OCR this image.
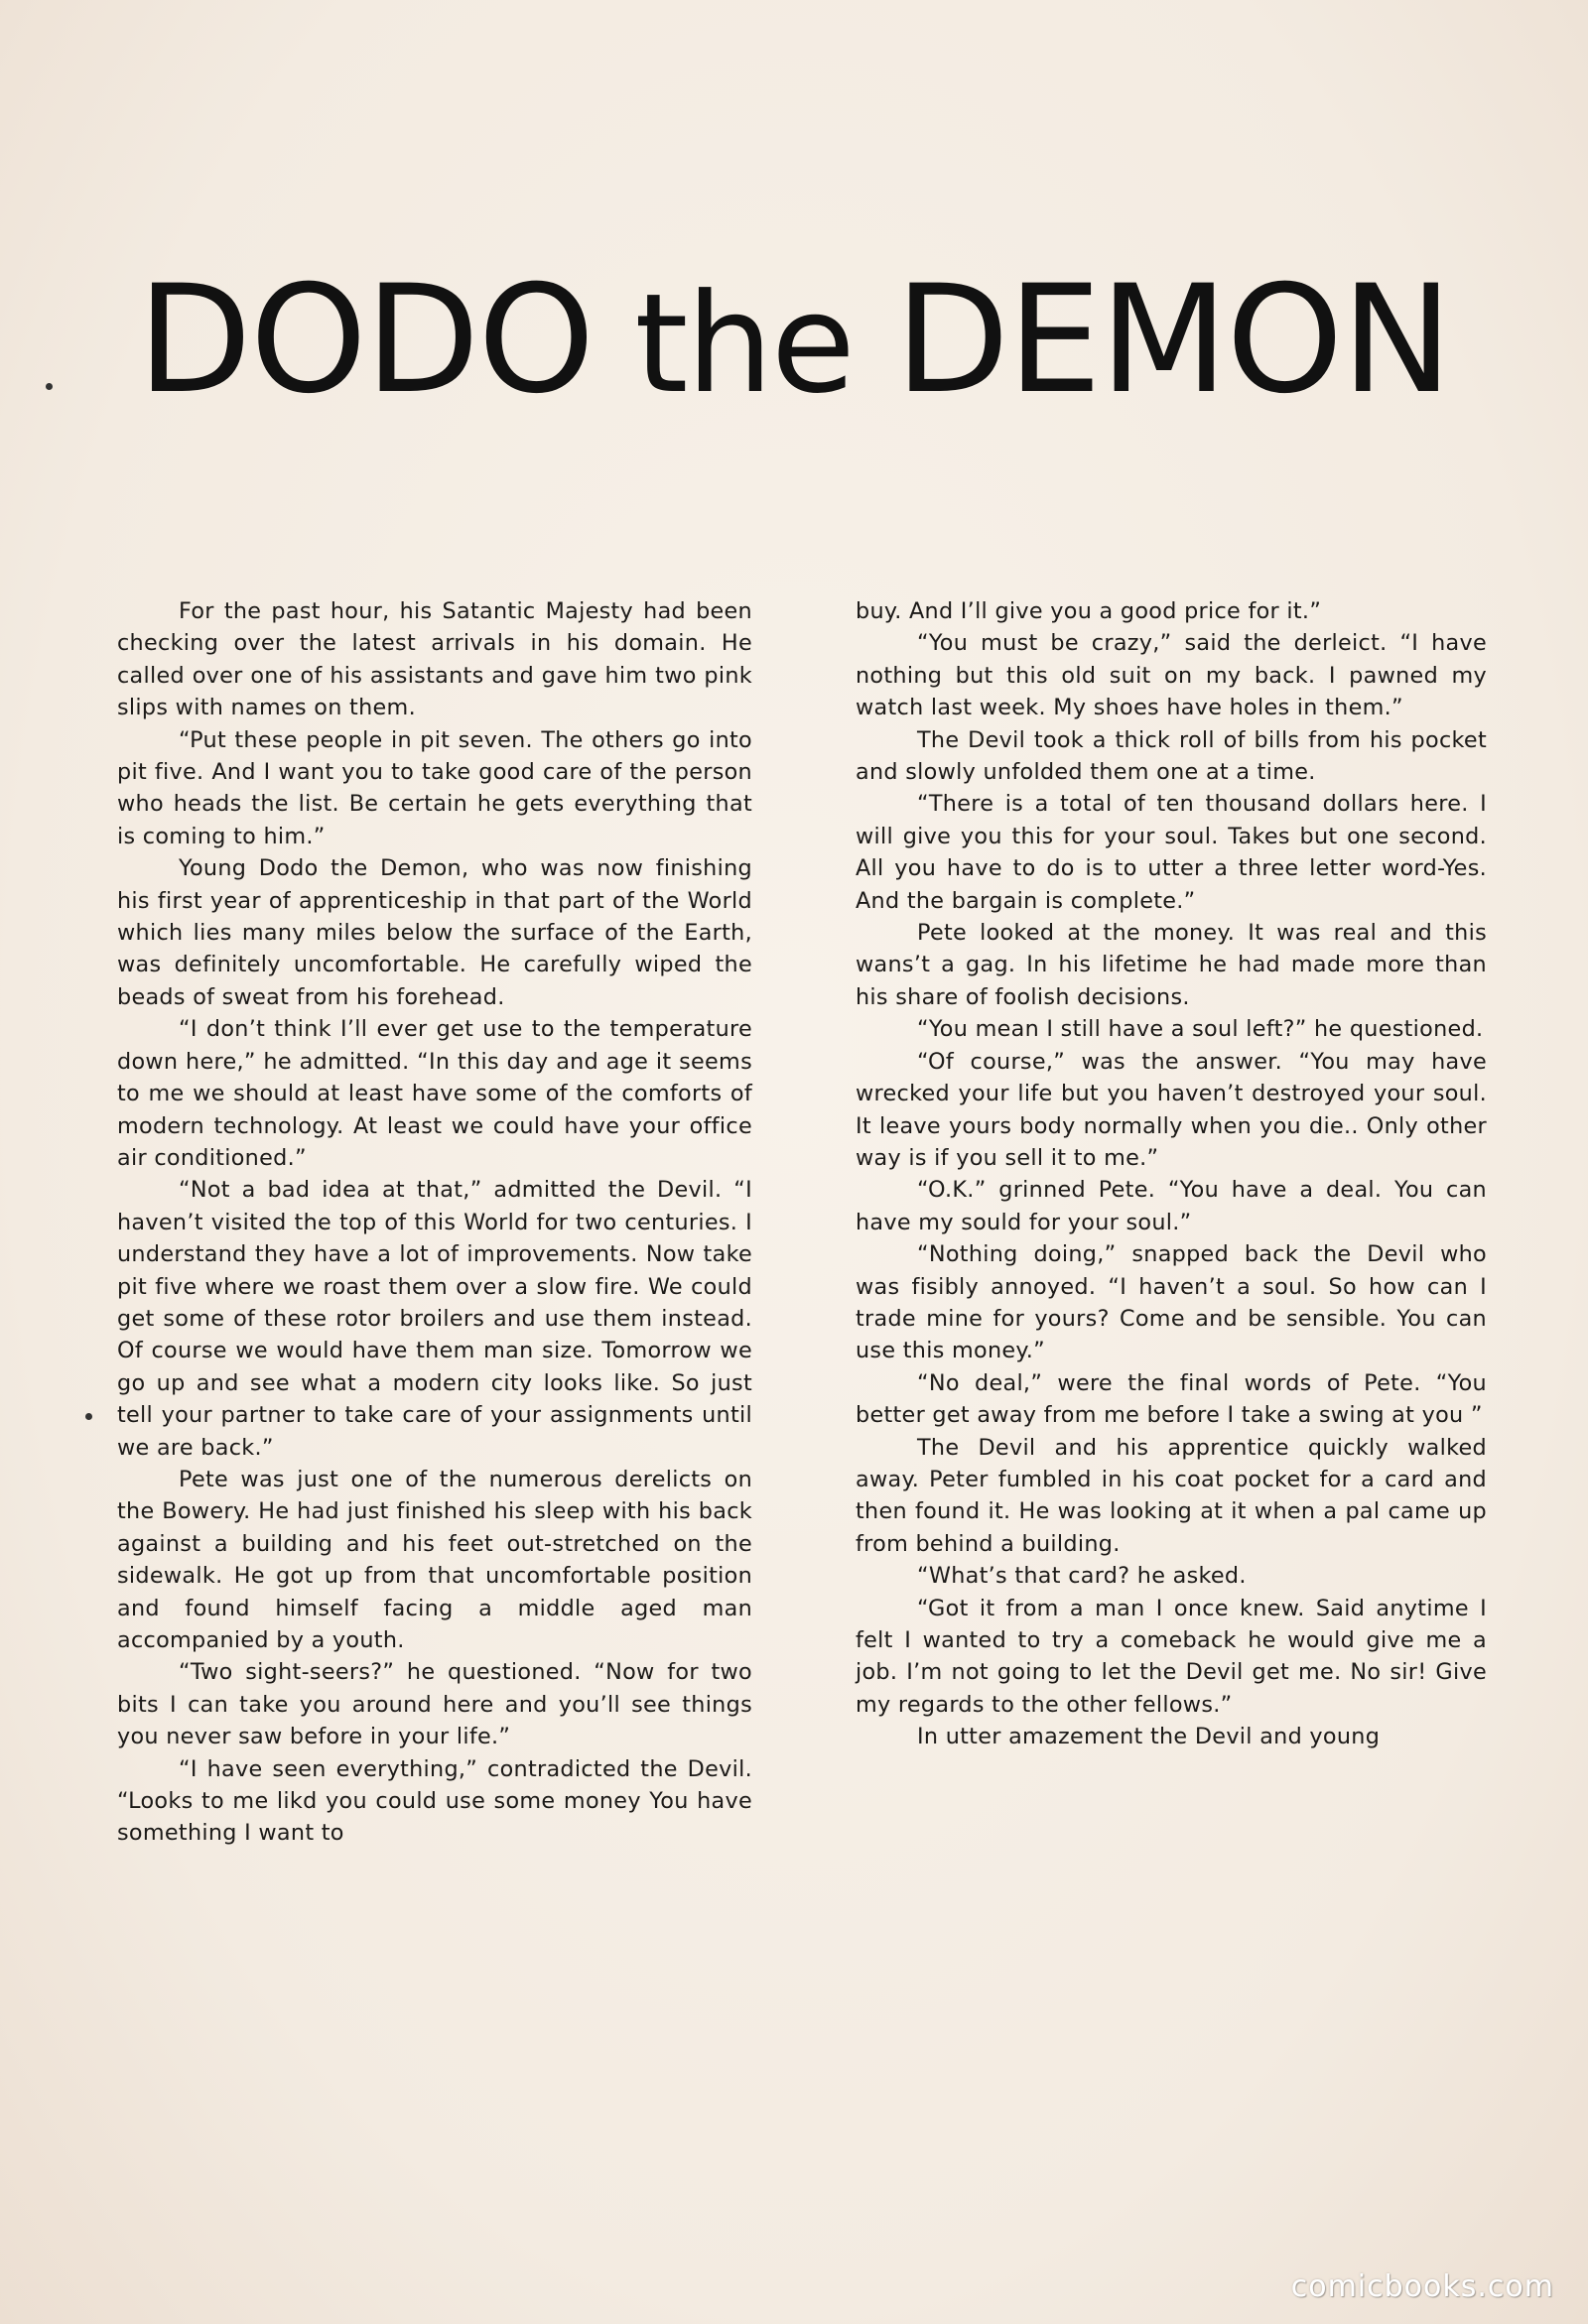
DODO the DEMON

For the past hour, his Satantic Majesty had been checking over the latest arrivals in his domain. He called over one of his assistants and gave him two pink slips with names on them.

“Put these people in pit seven. The others go into pit five. And I want you to take good care of the person who heads the list. Be certain he gets everything that is coming to him.”

Young Dodo the Demon, who was now finishing his first year of apprenticeship in that part of the World which lies many miles below the surface of the Earth, was definitely uncomfortable. He carefully wiped the beads of sweat from his forehead.

“I don’t think I’ll ever get use to the temperature down here,” he admitted. “In this day and age it seems to me we should at least have some of the comforts of modern technology. At least we could have your office air conditioned.”

“Not a bad idea at that,” admitted the Devil. “I haven’t visited the top of this World for two centuries. I understand they have a lot of improvements. Now take pit five where we roast them over a slow fire. We could get some of these rotor broilers and use them instead. Of course we would have them man size. Tomorrow we go up and see what a modern city looks like. So just tell your partner to take care of your assignments until we are back.”

Pete was just one of the numerous derelicts on the Bowery. He had just finished his sleep with his back against a building and his feet out-stretched on the sidewalk. He got up from that uncomfortable position and found himself facing a middle aged man accompanied by a youth.

“Two sight-seers?” he questioned. “Now for two bits I can take you around here and you’ll see things you never saw before in your life.”

“I have seen everything,” contradicted the Devil. “Looks to me likd you could use some money You have something I want to

buy. And I’ll give you a good price for it.”

“You must be crazy,” said the derleict. “I have nothing but this old suit on my back. I pawned my watch last week. My shoes have holes in them.”

The Devil took a thick roll of bills from his pocket and slowly unfolded them one at a time.

“There is a total of ten thousand dollars here. I will give you this for your soul. Takes but one second. All you have to do is to utter a three letter word-Yes. And the bargain is complete.”

Pete looked at the money. It was real and this wans’t a gag. In his lifetime he had made more than his share of foolish decisions.

“You mean I still have a soul left?” he questioned.

“Of course,” was the answer. “You may have wrecked your life but you haven’t destroyed your soul. It leave yours body normally when you die.. Only other way is if you sell it to me.”

“O.K.” grinned Pete. “You have a deal. You can have my sould for your soul.”

“Nothing doing,” snapped back the Devil who was fisibly annoyed. “I haven’t a soul. So how can I trade mine for yours? Come and be sensible. You can use this money.”

“No deal,” were the final words of Pete. “You better get away from me before I take a swing at you ”

The Devil and his apprentice quickly walked away. Peter fumbled in his coat pocket for a card and then found it. He was looking at it when a pal came up from behind a building.

“What’s that card? he asked.

“Got it from a man I once knew. Said anytime I felt I wanted to try a comeback he would give me a job. I’m not going to let the Devil get me. No sir! Give my regards to the other fellows.”

In utter amazement the Devil and young

comicbooks.com
